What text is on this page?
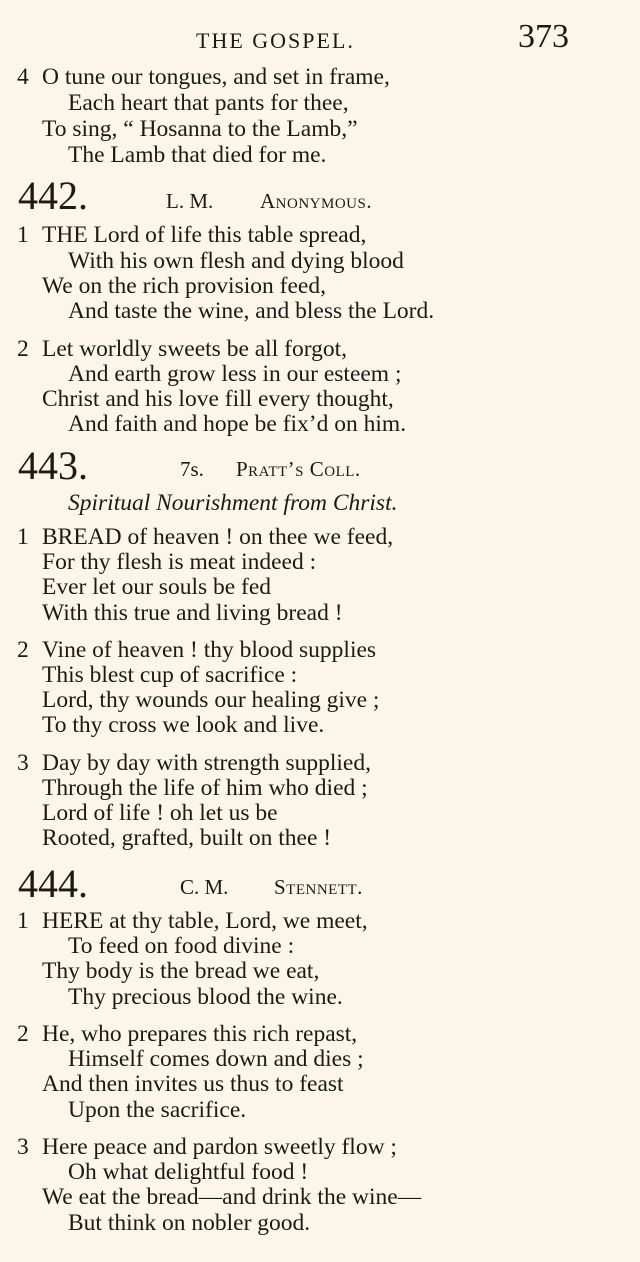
THE GOSPEL.	373
4 O tune our tongues, and set in frame,
Each heart that pants for thee,
To sing, “ Hosanna to the Lamb,”
The Lamb that died for me.
442.	L. M. Anonymous.
1 THE Lord of life this table spread,
With his own flesh and dying blood
We on the rich provision feed,
And taste the wine, and bless the Lord.
2 Let worldly sweets be all forgot,
And earth grow less in our esteem ;
Christ and his love fill every thought,
And faith and hope be fix’d on him.
443.	7s. Pratt’s Coll.
Spiritual Nourishment from Christ.
1 BREAD of heaven ! on thee we feed,
For thy flesh is meat indeed :
Ever let our souls be fed
With this true and living bread !
2 Vine of heaven ! thy blood supplies
This blest cup of sacrifice :
Lord, thy wounds our healing give ;
To thy cross we look and live.
3 Day by day with strength supplied,
Through the life of him who died ;
Lord of life ! oh let us be
Rooted, grafted, built on thee !
444.	C. M. Stennett.
1 HERE at thy table, Lord, we meet,
To feed on food divine :
Thy body is the bread we eat,
Thy precious blood the wine.
2 He, who prepares this rich repast,
Himself comes down and dies ;
And then invites us thus to feast
Upon the sacrifice.
3 Here peace and pardon sweetly flow ;
Oh what delightful food !
We eat the bread—and drink the wine—
But think on nobler good.
